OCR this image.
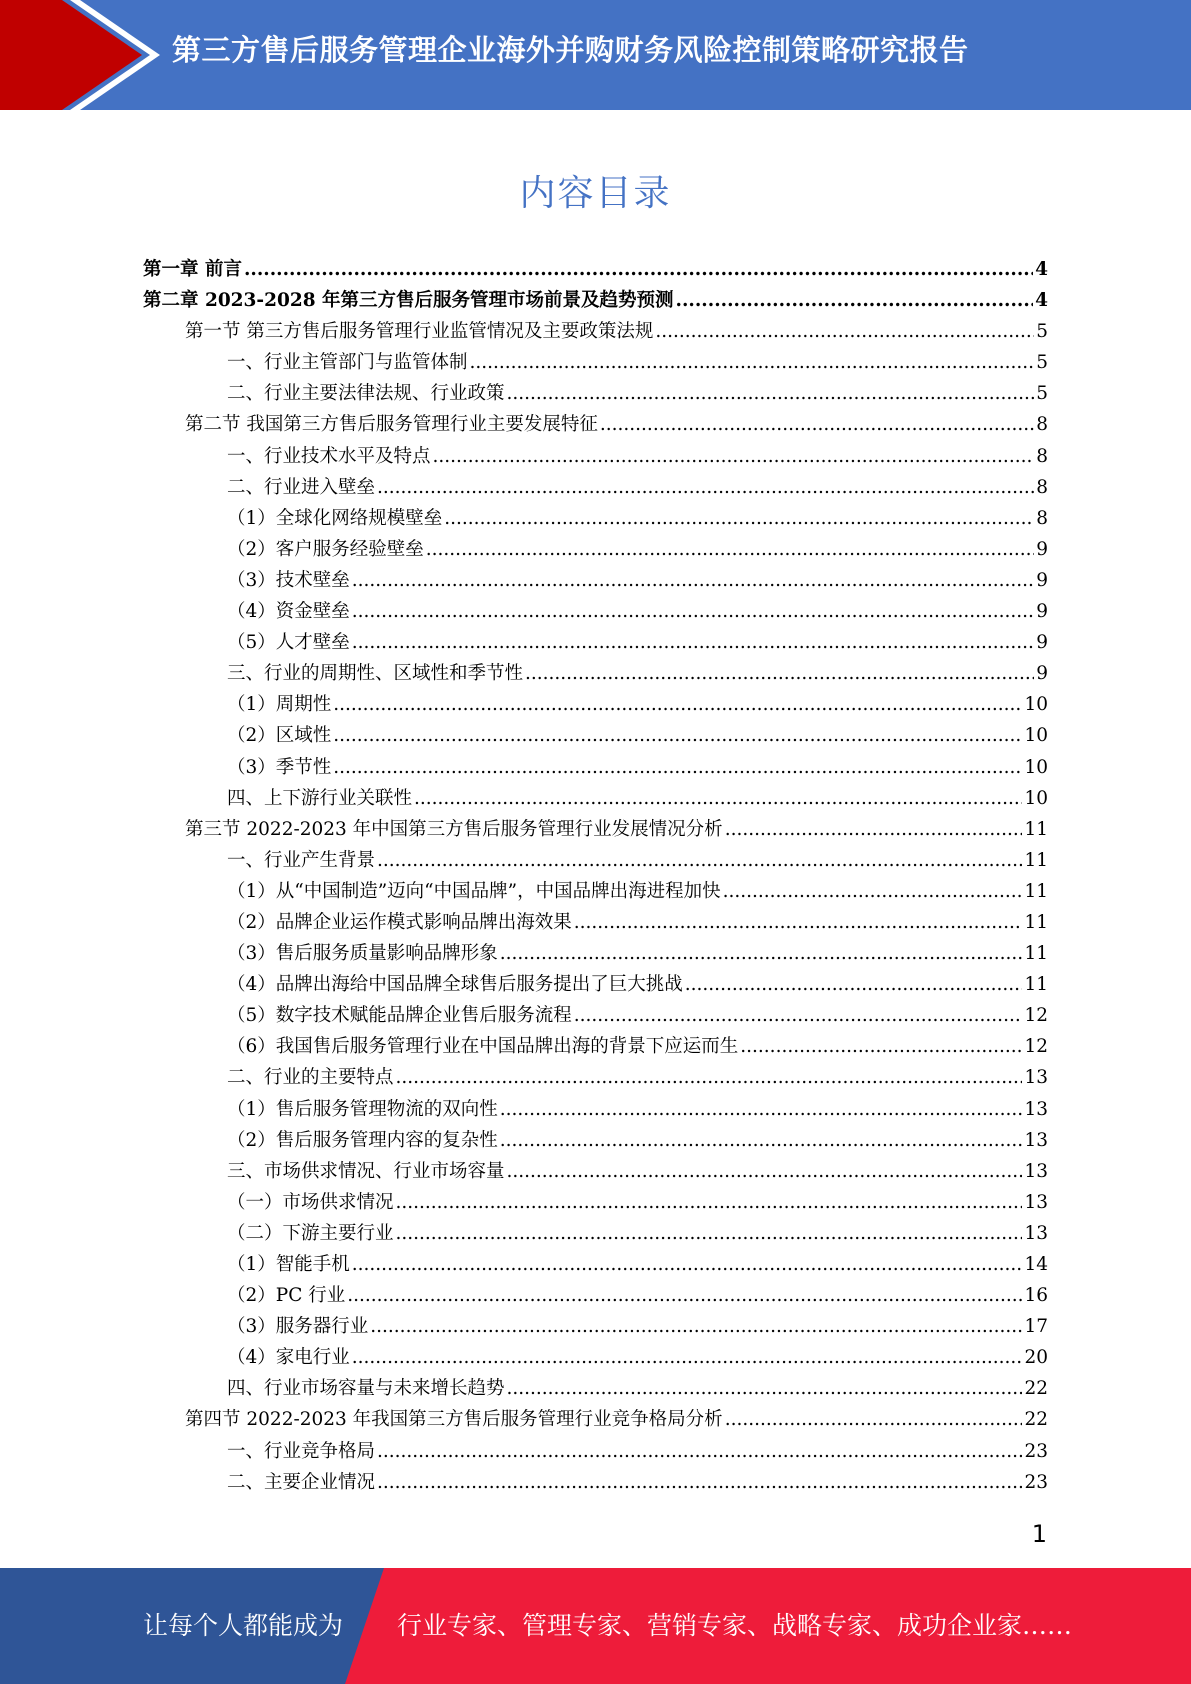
第三方售后服务管理企业海外并购财务风险控制策略研究报告
内容目录
第一章 前言 .....	4
第二章 2023-2028 年第三方售后服务管理市场前景及趋势预测 .....	4
第一节 第三方售后服务管理行业监管情况及主要政策法规 .....	5
一、行业主管部门与监管体制 .....	5
二、行业主要法律法规、行业政策 .....	5
第二节 我国第三方售后服务管理行业主要发展特征 .....	8
一、行业技术水平及特点 .....	8
二、行业进入壁垒 .....	8
（1）全球化网络规模壁垒 .....	8
（2）客户服务经验壁垒 .....	9
（3）技术壁垒 .....	9
（4）资金壁垒 .....	9
（5）人才壁垒 .....	9
三、行业的周期性、区域性和季节性 .....	9
（1）周期性 .....	10
（2）区域性 .....	10
（3）季节性 .....	10
四、上下游行业关联性 .....	10
第三节 2022-2023 年中国第三方售后服务管理行业发展情况分析 .....	11
一、行业产生背景 .....	11
（1）从“中国制造”迈向“中国品牌”，中国品牌出海进程加快 .....	11
（2）品牌企业运作模式影响品牌出海效果 .....	11
（3）售后服务质量影响品牌形象 .....	11
（4）品牌出海给中国品牌全球售后服务提出了巨大挑战 .....	11
（5）数字技术赋能品牌企业售后服务流程 .....	12
（6）我国售后服务管理行业在中国品牌出海的背景下应运而生 .....	12
二、行业的主要特点 .....	13
（1）售后服务管理物流的双向性 .....	13
（2）售后服务管理内容的复杂性 .....	13
三、市场供求情况、行业市场容量 .....	13
（一）市场供求情况 .....	13
（二）下游主要行业 .....	13
（1）智能手机 .....	14
（2）PC 行业 .....	16
（3）服务器行业 .....	17
（4）家电行业 .....	20
四、行业市场容量与未来增长趋势 .....	22
第四节 2022-2023 年我国第三方售后服务管理行业竞争格局分析 .....	22
一、行业竞争格局 .....	23
二、主要企业情况 .....	23
1
让每个人都能成为 行业专家、管理专家、营销专家、战略专家、成功企业家……
